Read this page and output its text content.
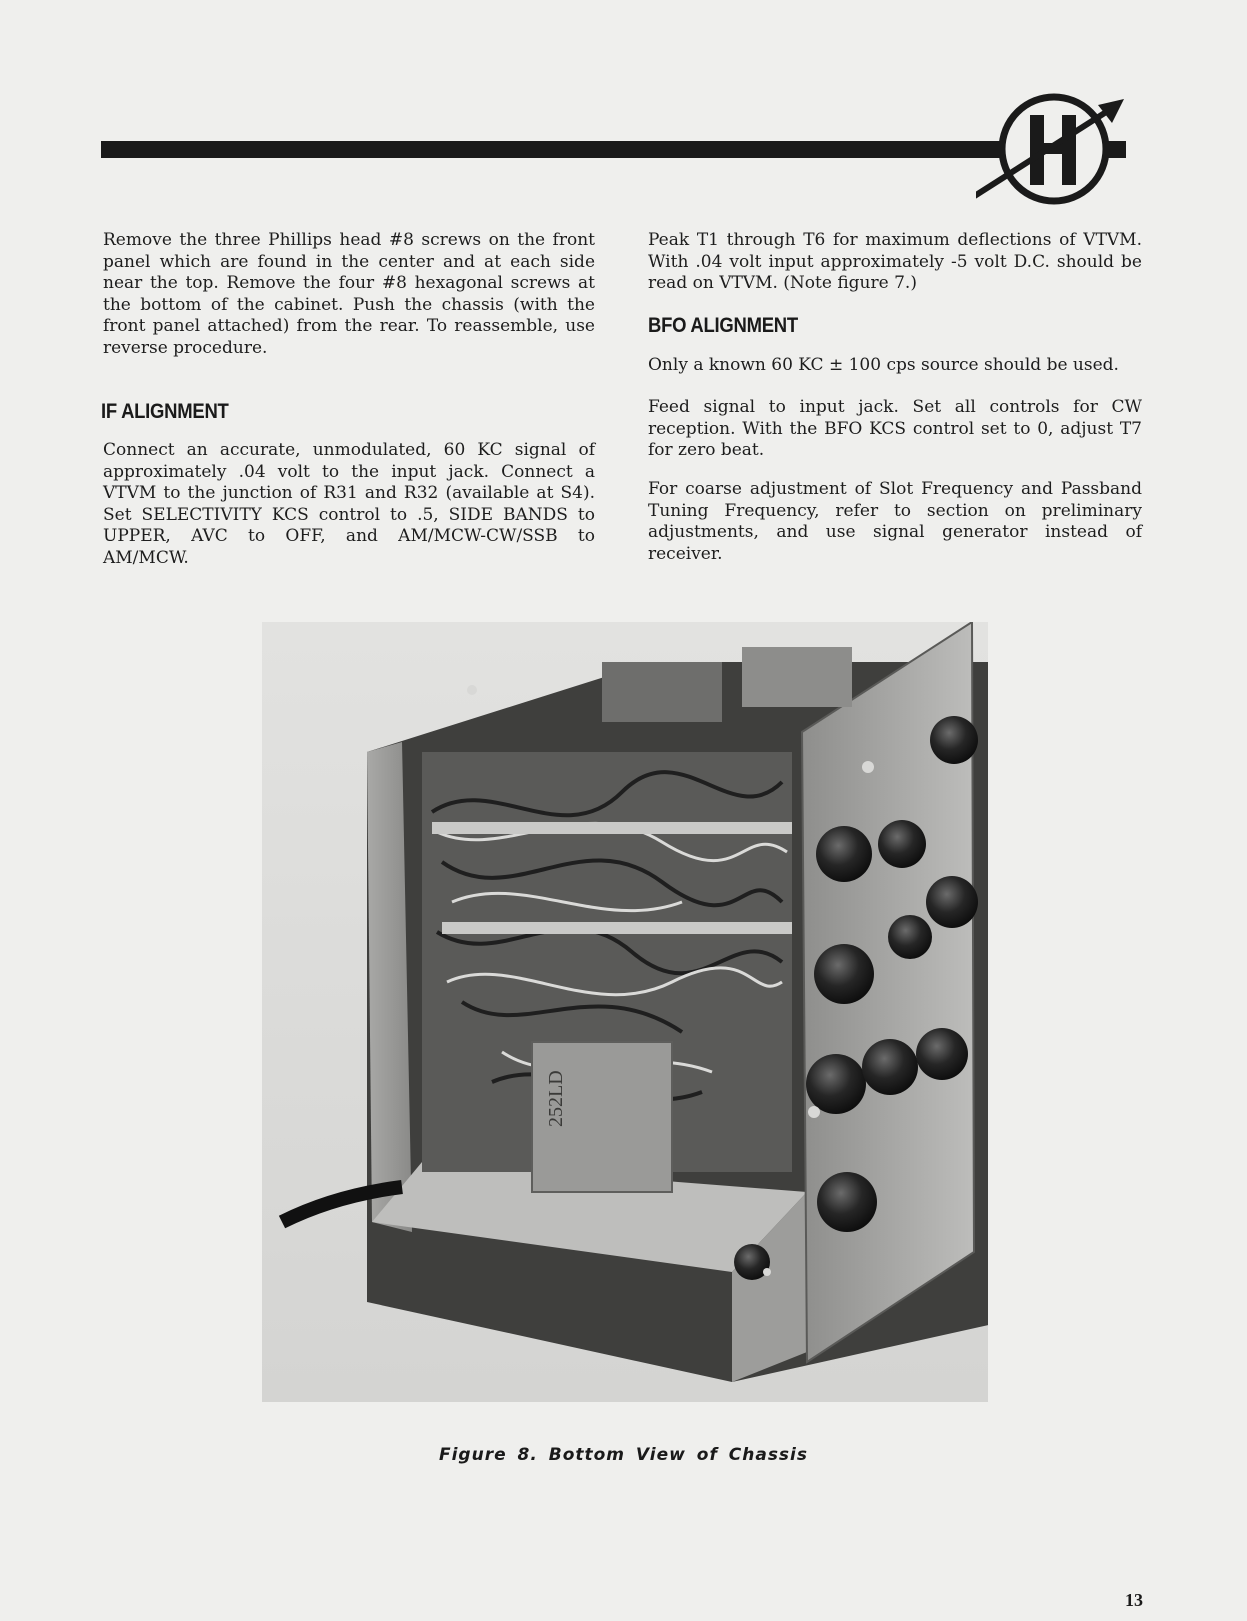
Remove the three Phillips head #8 screws on the front panel which are found in the center and at each side near the top. Remove the four #8 hexagonal screws at the bottom of the cabinet. Push the chassis (with the front panel attached) from the rear. To reassemble, use reverse procedure.

IF ALIGNMENT

Connect an accurate, unmodulated, 60 KC signal of approximately .04 volt to the input jack. Connect a VTVM to the junction of R31 and R32 (available at S4). Set SELECTIVITY KCS control to .5, SIDE BANDS to UPPER, AVC to OFF, and AM/MCW-CW/SSB to AM/MCW.

Peak T1 through T6 for maximum deflections of VTVM. With .04 volt input approximately -5 volt D.C. should be read on VTVM. (Note figure 7.)

BFO ALIGNMENT

Only a known 60 KC ± 100 cps source should be used.

Feed signal to input jack. Set all controls for CW reception. With the BFO KCS control set to 0, adjust T7 for zero beat.

For coarse adjustment of Slot Frequency and Passband Tuning Frequency, refer to section on preliminary adjustments, and use signal generator instead of receiver.

252LD
Figure 8. Bottom View of Chassis
13
